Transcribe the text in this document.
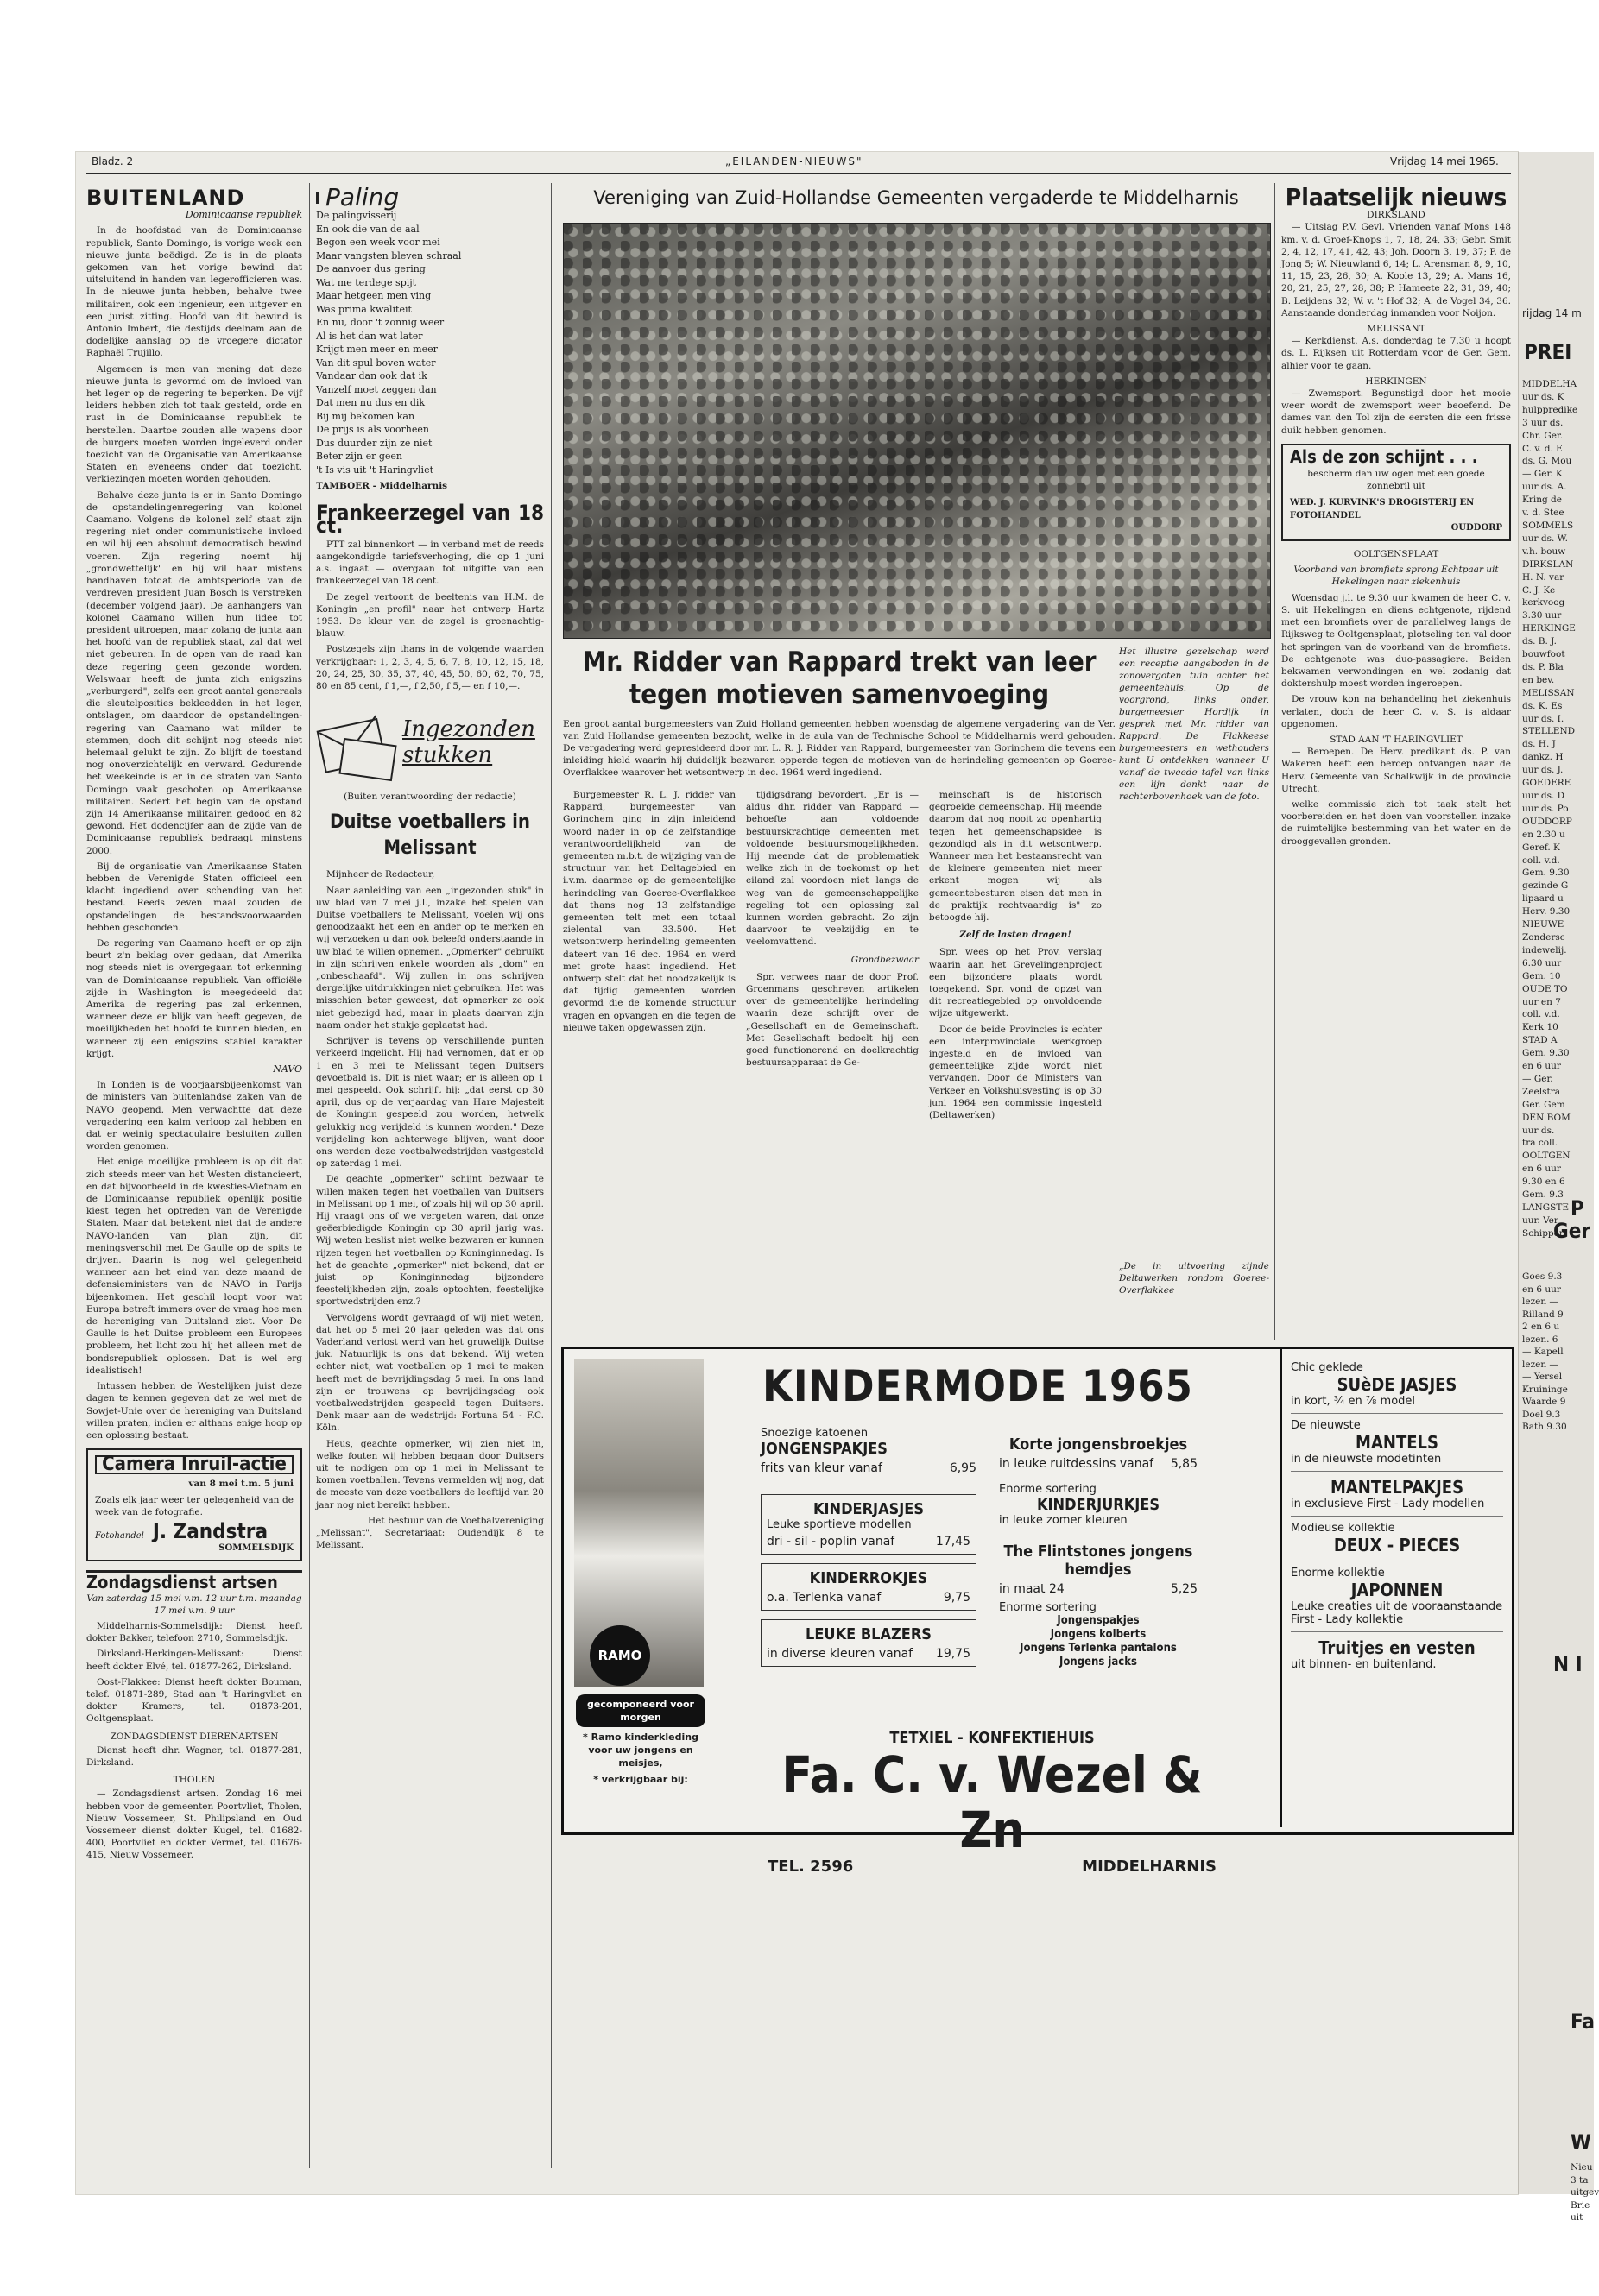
rijdag 14 m
PREI
MIDDELHA
uur ds. K
hulppredike
3 uur ds.
Chr. Ger.
C. v. d. E
ds. G. Mou
— Ger. K
uur ds. A.
Kring de
v. d. Stee
SOMMELS
uur ds. W.
v.h. bouw
DIRKSLAN
H. N. var
C. J. Ke
kerkvoog
3.30 uur
HERKINGE
ds. B. J.
bouwfoot
ds. P. Bla
en bev.
MELISSAN
ds. K. Es
uur ds. I.
STELLEND
ds. H. J
dankz. H
uur ds. J.
GOEDERE
uur ds. D
uur ds. Po
OUDDORP
en 2.30 u
Geref. K
coll. v.d.
Gem. 9.30
gezinde G
lipaard u
Herv. 9.30
NIEUWE
Zondersc
indewelij.
6.30 uur
Gem. 10
OUDE TO
uur en 7
coll. v.d.
Kerk 10
STAD A
Gem. 9.30
en 6 uur
— Ger.
Zeelstra
Ger. Gem
DEN BOM
uur ds.
tra coll.
OOLTGEN
en 6 uur
9.30 en 6
Gem. 9.3
LANGSTE
uur. Ver
Schipper
P
Ger
Goes 9.3
en 6 uur
lezen —
Rilland 9
2 en 6 u
lezen. 6
— Kapell
lezen —
— Yersel
Kruininge
Waarde 9
Doel 9.3
Bath 9.30
N I
Fa
W
Nieu
3 ta
uitgev
Brie
uit
Bladz. 2	„EILANDEN-NIEUWS"	Vrijdag 14 mei 1965.
BUITENLAND
Dominicaanse republiek

In de hoofdstad van de Dominicaanse republiek, Santo Domingo, is vorige week een nieuwe junta beëdigd. Ze is in de plaats gekomen van het vorige bewind dat uitsluitend in handen van legerofficieren was. In de nieuwe junta hebben, behalve twee militairen, ook een ingenieur, een uitgever en een jurist zitting. Hoofd van dit bewind is Antonio Imbert, die destijds deelnam aan de dodelijke aanslag op de vroegere dictator Raphaël Trujillo.

Algemeen is men van mening dat deze nieuwe junta is gevormd om de invloed van het leger op de regering te beperken. De vijf leiders hebben zich tot taak gesteld, orde en rust in de Dominicaanse republiek te herstellen. Daartoe zouden alle wapens door de burgers moeten worden ingeleverd onder toezicht van de Organisatie van Amerikaanse Staten en eveneens onder dat toezicht, verkiezingen moeten worden gehouden.

Behalve deze junta is er in Santo Domingo de opstandelingenregering van kolonel Caamano. Volgens de kolonel zelf staat zijn regering niet onder communistische invloed en wil hij een absoluut democratisch bewind voeren. Zijn regering noemt hij „grondwettelijk" en hij wil haar mistens handhaven totdat de ambtsperiode van de verdreven president Juan Bosch is verstreken (december volgend jaar). De aanhangers van kolonel Caamano willen hun lidee tot president uitroepen, maar zolang de junta aan het hoofd van de republiek staat, zal dat wel niet gebeuren. In de open van de raad kan deze regering geen gezonde worden. Welswaar heeft de junta zich enigszins „verburgerd", zelfs een groot aantal generaals die sleutelposities bekleedden in het leger, ontslagen, om daardoor de opstandelingen-regering van Caamano wat milder te stemmen, doch dit schijnt nog steeds niet helemaal gelukt te zijn. Zo blijft de toestand nog onoverzichtelijk en verward. Gedurende het weekeinde is er in de straten van Santo Domingo vaak geschoten op Amerikaanse militairen. Sedert het begin van de opstand zijn 14 Amerikaanse militairen gedood en 82 gewond. Het dodencijfer aan de zijde van de Dominicaanse republiek bedraagt minstens 2000.

Bij de organisatie van Amerikaanse Staten hebben de Verenigde Staten officieel een klacht ingediend over schending van het bestand. Reeds zeven maal zouden de opstandelingen de bestandsvoorwaarden hebben geschonden.

De regering van Caamano heeft er op zijn beurt z'n beklag over gedaan, dat Amerika nog steeds niet is overgegaan tot erkenning van de Dominicaanse republiek. Van officiële zijde in Washington is meegedeeld dat Amerika de regering pas zal erkennen, wanneer deze er blijk van heeft gegeven, de moeilijkheden het hoofd te kunnen bieden, en wanneer zij een enigszins stabiel karakter krijgt.

NAVO

In Londen is de voorjaarsbijeenkomst van de ministers van buitenlandse zaken van de NAVO geopend. Men verwachtte dat deze vergadering een kalm verloop zal hebben en dat er weinig spectaculaire besluiten zullen worden genomen.

Het enige moeilijke probleem is op dit dat zich steeds meer van het Westen distancieert, en dat bijvoorbeeld in de kwesties-Vietnam en de Dominicaanse republiek openlijk positie kiest tegen het optreden van de Verenigde Staten. Maar dat betekent niet dat de andere NAVO-landen van plan zijn, dit meningsverschil met De Gaulle op de spits te drijven. Daarin is nog wel gelegenheid wanneer aan het eind van deze maand de defensieministers van de NAVO in Parijs bijeenkomen. Het geschil loopt voor wat Europa betreft immers over de vraag hoe men de hereniging van Duitsland ziet. Voor De Gaulle is het Duitse probleem een Europees probleem, het licht zou hij het alleen met de bondsrepubliek oplossen. Dat is wel erg idealistisch!

Intussen hebben de Westelijken juist deze dagen te kennen gegeven dat ze wel met de Sowjet-Unie over de hereniging van Duitsland willen praten, indien er althans enige hoop op een oplossing bestaat.

Camera Inruil-actie
van 8 mei t.m. 5 juni
Zoals elk jaar weer ter gelegenheid van de week van de fotografie.
Fotohandel J. Zandstra
SOMMELSDIJK
Zondagsdienst artsen
Van zaterdag 15 mei v.m. 12 uur t.m. maandag 17 mei v.m. 9 uur

Middelharnis-Sommelsdijk: Dienst heeft dokter Bakker, telefoon 2710, Sommelsdijk.

Dirksland-Herkingen-Melissant: Dienst heeft dokter Elvé, tel. 01877-262, Dirksland.

Oost-Flakkee: Dienst heeft dokter Bouman, telef. 01871-289, Stad aan 't Haringvliet en dokter Kramers, tel. 01873-201, Ooltgensplaat.

ZONDAGSDIENST DIERENARTSEN

Dienst heeft dhr. Wagner, tel. 01877-281, Dirksland.

THOLEN

— Zondagsdienst artsen. Zondag 16 mei hebben voor de gemeenten Poortvliet, Tholen, Nieuw Vossemeer, St. Philipsland en Oud Vossemeer dienst dokter Kugel, tel. 01682-400, Poortvliet en dokter Vermet, tel. 01676-415, Nieuw Vossemeer.

Paling
De palingvisserij
En ook die van de aal
Begon een week voor mei
Maar vangsten bleven schraal
De aanvoer dus gering
Wat me terdege spijt
Maar hetgeen men ving
Was prima kwaliteit
En nu, door 't zonnig weer
Al is het dan wat later
Krijgt men meer en meer
Van dit spul boven water
Vandaar dan ook dat ik
Vanzelf moet zeggen dan
Dat men nu dus en dik
Bij mij bekomen kan
De prijs is als voorheen
Dus duurder zijn ze niet
Beter zijn er geen
't Is vis uit 't Haringvliet
TAMBOER - Middelharnis
Frankeerzegel van 18 ct.

PTT zal binnenkort — in verband met de reeds aangekondigde tariefsverhoging, die op 1 juni a.s. ingaat — overgaan tot uitgifte van een frankeerzegel van 18 cent.

De zegel vertoont de beeltenis van H.M. de Koningin „en profil" naar het ontwerp Hartz 1953. De kleur van de zegel is groenachtig-blauw.

Postzegels zijn thans in de volgende waarden verkrijgbaar: 1, 2, 3, 4, 5, 6, 7, 8, 10, 12, 15, 18, 20, 24, 25, 30, 35, 37, 40, 45, 50, 60, 62, 70, 75, 80 en 85 cent, f 1,—, f 2,50, f 5,— en f 10,—.

Ingezonden stukken
(Buiten verantwoording der redactie)
Duitse voetballers in Melissant

Mijnheer de Redacteur,

Naar aanleiding van een „ingezonden stuk" in uw blad van 7 mei j.l., inzake het spelen van Duitse voetballers te Melissant, voelen wij ons genoodzaakt het een en ander op te merken en wij verzoeken u dan ook beleefd onderstaande in uw blad te willen opnemen. „Opmerker" gebruikt in zijn schrijven enkele woorden als „dom" en „onbeschaafd". Wij zullen in ons schrijven dergelijke uitdrukkingen niet gebruiken. Het was misschien beter geweest, dat opmerker ze ook niet gebezigd had, maar in plaats daarvan zijn naam onder het stukje geplaatst had.

Schrijver is tevens op verschillende punten verkeerd ingelicht. Hij had vernomen, dat er op 1 en 3 mei te Melissant tegen Duitsers gevoetbald is. Dit is niet waar; er is alleen op 1 mei gespeeld. Ook schrijft hij: „dat eerst op 30 april, dus op de verjaardag van Hare Majesteit de Koningin gespeeld zou worden, hetwelk gelukkig nog verijdeld is kunnen worden." Deze verijdeling kon achterwege blijven, want door ons werden deze voetbalwedstrijden vastgesteld op zaterdag 1 mei.

De geachte „opmerker" schijnt bezwaar te willen maken tegen het voetballen van Duitsers in Melissant op 1 mei, of zoals hij wil op 30 april. Hij vraagt ons of we vergeten waren, dat onze geëerbiedigde Koningin op 30 april jarig was. Wij weten beslist niet welke bezwaren er kunnen rijzen tegen het voetballen op Koninginnedag. Is het de geachte „opmerker" niet bekend, dat er juist op Koninginnedag bijzondere feestelijkheden zijn, zoals optochten, feestelijke sportwedstrijden enz.?

Vervolgens wordt gevraagd of wij niet weten, dat het op 5 mei 20 jaar geleden was dat ons Vaderland verlost werd van het gruwelijk Duitse juk. Natuurlijk is ons dat bekend. Wij weten echter niet, wat voetballen op 1 mei te maken heeft met de bevrijdingsdag 5 mei. In ons land zijn er trouwens op bevrijdingsdag ook voetbalwedstrijden gespeeld tegen Duitsers. Denk maar aan de wedstrijd: Fortuna 54 - F.C. Köln.

Heus, geachte opmerker, wij zien niet in, welke fouten wij hebben begaan door Duitsers uit te nodigen om op 1 mei in Melissant te komen voetballen. Tevens vermelden wij nog, dat de meeste van deze voetballers de leeftijd van 20 jaar nog niet bereikt hebben.

Het bestuur van de Voetbalvereniging „Melissant", Secretariaat: Oudendijk 8 te Melissant.

Vereniging van Zuid-Hollandse Gemeenten vergaderde te Middelharnis
Mr. Ridder van Rappard trekt van leer tegen motieven samenvoeging
Een groot aantal burgemeesters van Zuid Holland gemeenten hebben woensdag de algemene vergadering van de Ver. van Zuid Hollandse gemeenten bezocht, welke in de aula van de Technische School te Middelharnis werd gehouden. De vergadering werd gepresideerd door mr. L. R. J. Ridder van Rappard, burgemeester van Gorinchem die tevens een inleiding hield waarin hij duidelijk bezwaren opperde tegen de motieven van de herindeling gemeenten op Goeree-Overflakkee waarover het wetsontwerp in dec. 1964 werd ingediend.

Burgemeester R. L. J. ridder van Rappard, burgemeester van Gorinchem ging in zijn inleidend woord nader in op de zelfstandige verantwoordelijkheid van de gemeenten m.b.t. de wijziging van de structuur van het Deltagebied en i.v.m. daarmee op de gemeentelijke herindeling van Goeree-Overflakkee dat thans nog 13 zelfstandige gemeenten telt met een totaal zielental van 33.500. Het wetsontwerp herindeling gemeenten dateert van 16 dec. 1964 en werd met grote haast ingediend. Het ontwerp stelt dat het noodzakelijk is dat tijdig gemeenten worden gevormd die de komende structuur vragen en opvangen en die tegen de nieuwe taken opgewassen zijn.

tijdigsdrang bevordert. „Er is — aldus dhr. ridder van Rappard — behoefte aan voldoende bestuurskrachtige gemeenten met voldoende bestuursmogelijkheden. Hij meende dat de problematiek welke zich in de toekomst op het eiland zal voordoen niet langs de weg van de gemeenschappelijke regeling tot een oplossing zal kunnen worden gebracht. Zo zijn daarvoor te veelzijdig en te veelomvattend.

Grondbezwaar

Spr. verwees naar de door Prof. Groenmans geschreven artikelen over de gemeentelijke herindeling waarin deze schrijft over de „Gesellschaft en de Gemeinschaft. Met Gesellschaft bedoelt hij een goed functionerend en doelkrachtig bestuursapparaat de Ge-

meinschaft is de historisch gegroeide gemeenschap. Hij meende daarom dat nog nooit zo openhartig tegen het gemeenschapsidee is gezondigd als in dit wetsontwerp. Wanneer men het bestaansrecht van de kleinere gemeenten niet meer erkent mogen wij als gemeentebesturen eisen dat men in de praktijk rechtvaardig is" zo betoogde hij.

Zelf de lasten dragen!

Spr. wees op het Prov. verslag waarin aan het Grevelingenproject een bijzondere plaats wordt toegekend. Spr. vond de opzet van dit recreatiegebied op onvoldoende wijze uitgewerkt.

Door de beide Provincies is echter een interprovinciale werkgroep ingesteld en de invloed van gemeentelijke zijde wordt niet vervangen. Door de Ministers van Verkeer en Volkshuisvesting is op 30 juni 1964 een commissie ingesteld (Deltawerken)

Het illustre gezelschap werd een receptie aangeboden in de zonovergoten tuin achter het gemeentehuis. Op de voorgrond, links onder, burgemeester Hordijk in gesprek met Mr. ridder van Rappard. De Flakkeese burgemeesters en wethouders kunt U ontdekken wanneer U vanaf de tweede tafel van links een lijn denkt naar de rechterbovenhoek van de foto.
„De in uitvoering zijnde Deltawerken rondom Goeree-Overflakkee
Plaatselijk nieuws
DIRKSLAND

— Uitslag P.V. Gevl. Vrienden vanaf Mons 148 km. v. d. Groef-Knops 1, 7, 18, 24, 33; Gebr. Smit 2, 4, 12, 17, 41, 42, 43; Joh. Doorn 3, 19, 37; P. de Jong 5; W. Nieuwland 6, 14; L. Arensman 8, 9, 10, 11, 15, 23, 26, 30; A. Koole 13, 29; A. Mans 16, 20, 21, 25, 27, 28, 38; P. Hameete 22, 31, 39, 40; B. Leijdens 32; W. v. 't Hof 32; A. de Vogel 34, 36. Aanstaande donderdag inmanden voor Noijon.

MELISSANT

— Kerkdienst. A.s. donderdag te 7.30 u hoopt ds. L. Rijksen uit Rotterdam voor de Ger. Gem. alhier voor te gaan.

HERKINGEN

— Zwemsport. Begunstigd door het mooie weer wordt de zwemsport weer beoefend. De dames van den Tol zijn de eersten die een frisse duik hebben genomen.

Als de zon schijnt . . .
bescherm dan uw ogen met een goede zonnebril uit
WED. J. KURVINK'S DROGISTERIJ EN FOTOHANDEL
OUDDORP
OOLTGENSPLAAT
Voorband van bromfiets sprong Echtpaar uit Hekelingen naar ziekenhuis

Woensdag j.l. te 9.30 uur kwamen de heer C. v. S. uit Hekelingen en diens echtgenote, rijdend met een bromfiets over de parallelweg langs de Rijksweg te Ooltgensplaat, plotseling ten val door het springen van de voorband van de bromfiets. De echtgenote was duo-passagiere. Beiden bekwamen verwondingen en wel zodanig dat doktershulp moest worden ingeroepen.

De vrouw kon na behandeling het ziekenhuis verlaten, doch de heer C. v. S. is aldaar opgenomen.

STAD AAN 'T HARINGVLIET

— Beroepen. De Herv. predikant ds. P. van Wakeren heeft een beroep ontvangen naar de Herv. Gemeente van Schalkwijk in de provincie Utrecht.

welke commissie zich tot taak stelt het voorbereiden en het doen van voorstellen inzake de ruimtelijke bestemming van het water en de drooggevallen gronden.

RAMO
gecomponeerd voor morgen
* Ramo kinderkleding voor uw jongens en meisjes,
* verkrijgbaar bij:
KINDERMODE 1965
Snoezige katoenen
JONGENSPAKJES
frits van kleur vanaf	6,95
KINDERJASJES
Leuke sportieve modellen
dri - sil - poplin vanaf	17,45
KINDERROKJES
o.a. Terlenka vanaf	9,75
LEUKE BLAZERS
in diverse kleuren vanaf 19,75
Korte jongensbroekjes
in leuke ruitdessins vanaf 5,85
Enorme sortering
KINDERJURKJES
in leuke zomer kleuren
The Flintstones jongens hemdjes
in maat 24	5,25
Enorme sortering
Jongenspakjes
Jongens kolberts
Jongens Terlenka pantalons
Jongens jacks
TETXIEL - KONFEKTIEHUIS
Fa. C. v. Wezel & Zn
TEL. 2596	MIDDELHARNIS
Chic geklede
SUèDE JASJES
in kort, ¾ en ⅞ model
De nieuwste
MANTELS
in de nieuwste modetinten
MANTELPAKJES
in exclusieve First - Lady modellen
Modieuse kollektie
DEUX - PIECES
Enorme kollektie
JAPONNEN
Leuke creaties uit de vooraanstaande First - Lady kollektie
Truitjes en vesten
uit binnen- en buitenland.
